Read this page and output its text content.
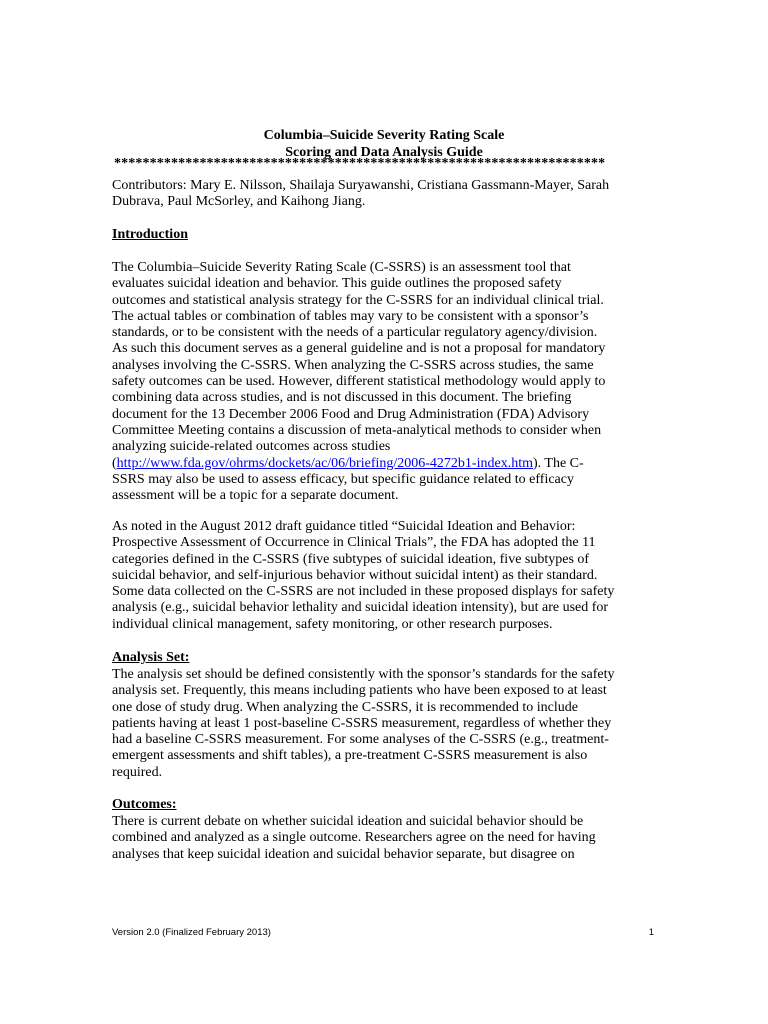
Columbia–Suicide Severity Rating Scale
Scoring and Data Analysis Guide
*********************************************************************
Contributors: Mary E. Nilsson, Shailaja Suryawanshi, Cristiana Gassmann-Mayer, Sarah
Dubrava, Paul McSorley, and Kaihong Jiang.
Introduction
The Columbia–Suicide Severity Rating Scale (C-SSRS) is an assessment tool that
evaluates suicidal ideation and behavior. This guide outlines the proposed safety
outcomes and statistical analysis strategy for the C-SSRS for an individual clinical trial.
The actual tables or combination of tables may vary to be consistent with a sponsor’s
standards, or to be consistent with the needs of a particular regulatory agency/division.
As such this document serves as a general guideline and is not a proposal for mandatory
analyses involving the C-SSRS. When analyzing the C-SSRS across studies, the same
safety outcomes can be used. However, different statistical methodology would apply to
combining data across studies, and is not discussed in this document. The briefing
document for the 13 December 2006 Food and Drug Administration (FDA) Advisory
Committee Meeting contains a discussion of meta-analytical methods to consider when
analyzing suicide-related outcomes across studies
(http://www.fda.gov/ohrms/dockets/ac/06/briefing/2006-4272b1-index.htm). The C-
SSRS may also be used to assess efficacy, but specific guidance related to efficacy
assessment will be a topic for a separate document.
As noted in the August 2012 draft guidance titled “Suicidal Ideation and Behavior:
Prospective Assessment of Occurrence in Clinical Trials”, the FDA has adopted the 11
categories defined in the C-SSRS (five subtypes of suicidal ideation, five subtypes of
suicidal behavior, and self-injurious behavior without suicidal intent) as their standard.
Some data collected on the C-SSRS are not included in these proposed displays for safety
analysis (e.g., suicidal behavior lethality and suicidal ideation intensity), but are used for
individual clinical management, safety monitoring, or other research purposes.
Analysis Set:
The analysis set should be defined consistently with the sponsor’s standards for the safety
analysis set. Frequently, this means including patients who have been exposed to at least
one dose of study drug. When analyzing the C-SSRS, it is recommended to include
patients having at least 1 post-baseline C-SSRS measurement, regardless of whether they
had a baseline C-SSRS measurement. For some analyses of the C-SSRS (e.g., treatment-
emergent assessments and shift tables), a pre-treatment C-SSRS measurement is also
required.
Outcomes:
There is current debate on whether suicidal ideation and suicidal behavior should be
combined and analyzed as a single outcome. Researchers agree on the need for having
analyses that keep suicidal ideation and suicidal behavior separate, but disagree on
Version 2.0 (Finalized February 2013)	1
